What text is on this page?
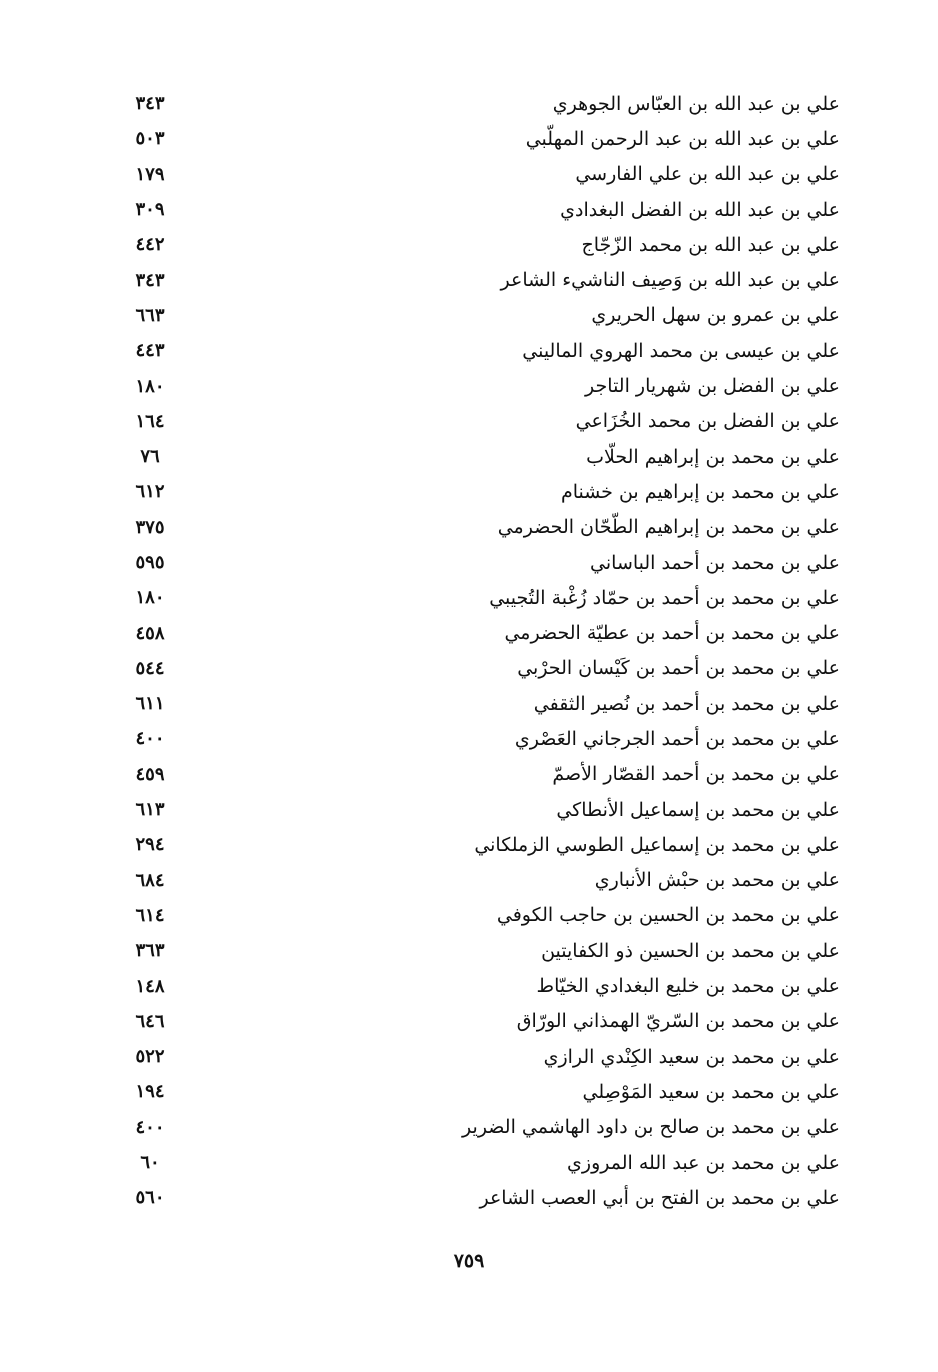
علي بن عبد الله بن العبّاس الجوهري
٣٤٣
علي بن عبد الله بن عبد الرحمن المهلّبي
٥٠٣
علي بن عبد الله بن علي الفارسي
١٧٩
علي بن عبد الله بن الفضل البغدادي
٣٠٩
علي بن عبد الله بن محمد الزّجّاج
٤٤٢
علي بن عبد الله بن وَصِيف الناشيء الشاعر
٣٤٣
علي بن عمرو بن سهل الحريري
٦٦٣
علي بن عيسى بن محمد الهروي الماليني
٤٤٣
علي بن الفضل بن شهريار التاجر
١٨٠
علي بن الفضل بن محمد الخُزَاعي
١٦٤
علي بن محمد بن إبراهيم الحلّاب
٧٦
علي بن محمد بن إبراهيم بن خشنام
٦١٢
علي بن محمد بن إبراهيم الطّحّان الحضرمي
٣٧٥
علي بن محمد بن أحمد الباساني
٥٩٥
علي بن محمد بن أحمد بن حمّاد زُغْبة التُجيبي
١٨٠
علي بن محمد بن أحمد بن عطيّة الحضرمي
٤٥٨
علي بن محمد بن أحمد بن كَيْسان الحرْبي
٥٤٤
علي بن محمد بن أحمد بن نُصير الثقفي
٦١١
علي بن محمد بن أحمد الجرجاني العَصْري
٤٠٠
علي بن محمد بن أحمد القصّار الأصمّ
٤٥٩
علي بن محمد بن إسماعيل الأنطاكي
٦١٣
علي بن محمد بن إسماعيل الطوسي الزملكاني
٢٩٤
علي بن محمد بن حبْش الأنباري
٦٨٤
علي بن محمد بن الحسين بن حاجب الكوفي
٦١٤
علي بن محمد بن الحسين ذو الكفايتين
٣٦٣
علي بن محمد بن خليع البغدادي الخيّاط
١٤٨
علي بن محمد بن السّريّ الهمذاني الورّاق
٦٤٦
علي بن محمد بن سعيد الكِنْدي الرازي
٥٢٢
علي بن محمد بن سعيد المَوْصِلي
١٩٤
علي بن محمد بن صالح بن داود الهاشمي الضرير
٤٠٠
علي بن محمد بن عبد الله المروزي
٦٠
علي بن محمد بن الفتح بن أبي العصب الشاعر
٥٦٠
٧٥٩
